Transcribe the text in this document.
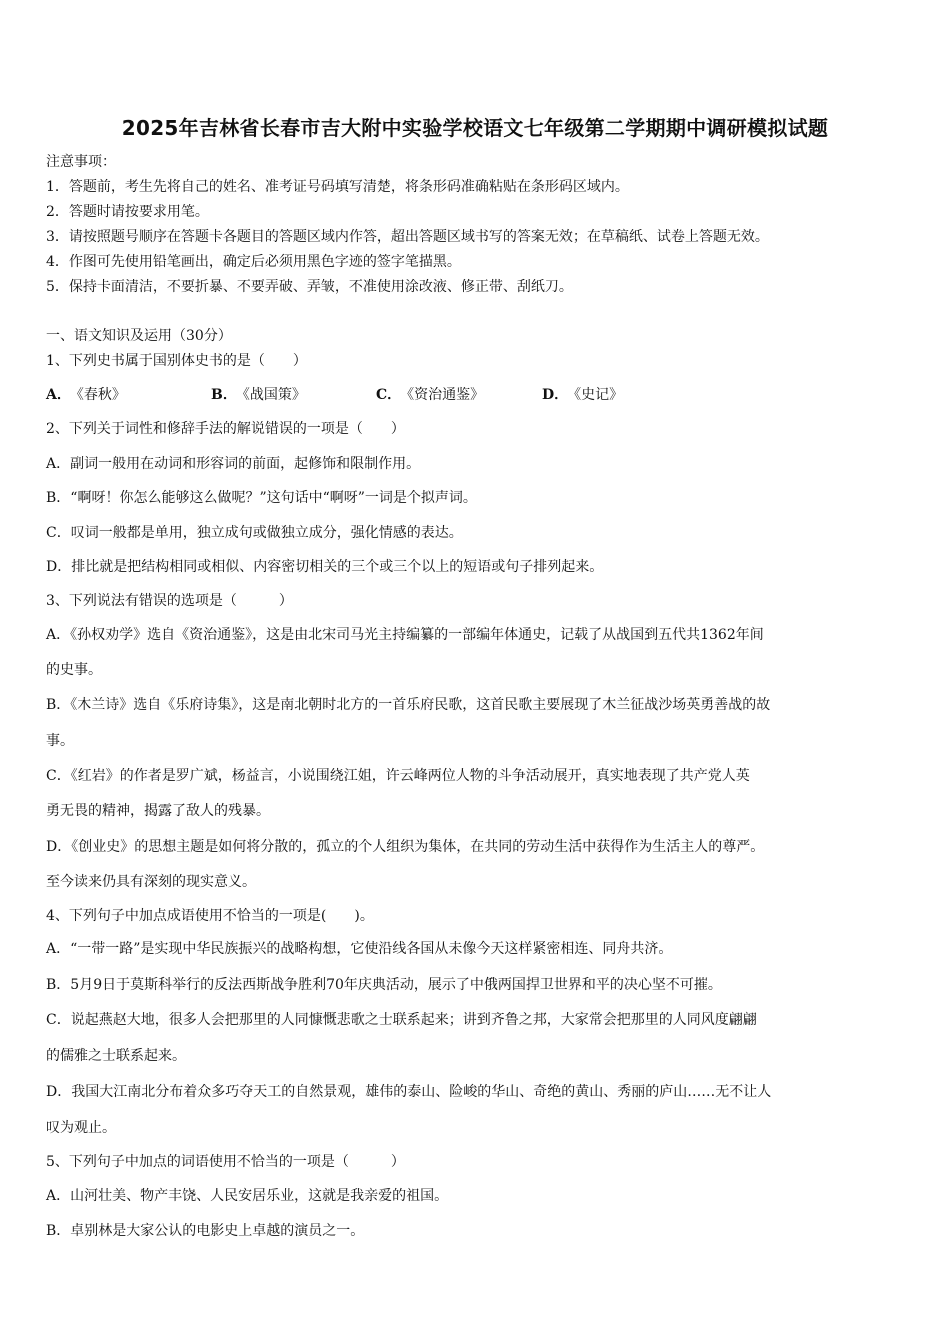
2025年吉林省长春市吉大附中实验学校语文七年级第二学期期中调研模拟试题
注意事项：
1．答题前，考生先将自己的姓名、准考证号码填写清楚，将条形码准确粘贴在条形码区域内。
2．答题时请按要求用笔。
3．请按照题号顺序在答题卡各题目的答题区域内作答，超出答题区域书写的答案无效；在草稿纸、试卷上答题无效。
4．作图可先使用铅笔画出，确定后必须用黑色字迹的签字笔描黑。
5．保持卡面清洁，不要折暴、不要弄破、弄皱，不准使用涂改液、修正带、刮纸刀。
一、语文知识及运用（30分）
1、下列史书属于国别体史书的是（　　）
A． 《春秋》	B． 《战国策》	C． 《资治通鉴》	D． 《史记》
2、下列关于词性和修辞手法的解说错误的一项是（　　）
A．副词一般用在动词和形容词的前面，起修饰和限制作用。
B．“啊呀！你怎么能够这么做呢？”这句话中“啊呀”一词是个拟声词。
C．叹词一般都是单用，独立成句或做独立成分，强化情感的表达。
D．排比就是把结构相同或相似、内容密切相关的三个或三个以上的短语或句子排列起来。
3、下列说法有错误的选项是（　　　）
A．《孙权劝学》选自《资治通鉴》，这是由北宋司马光主持编纂的一部编年体通史，记载了从战国到五代共1362年间
的史事。
B．《木兰诗》选自《乐府诗集》，这是南北朝时北方的一首乐府民歌，这首民歌主要展现了木兰征战沙场英勇善战的故
事。
C．《红岩》的作者是罗广斌，杨益言，小说围绕江姐，许云峰两位人物的斗争活动展开，真实地表现了共产党人英
勇无畏的精神，揭露了敌人的残暴。
D．《创业史》的思想主题是如何将分散的，孤立的个人组织为集体，在共同的劳动生活中获得作为生活主人的尊严。
至今读来仍具有深刻的现实意义。
4、下列句子中加点成语使用不恰当的一项是(　　)。
A．“一带一路”是实现中华民族振兴的战略构想，它使沿线各国从未像今天这样紧密相连、同舟共济。
B．5月9日于莫斯科举行的反法西斯战争胜利70年庆典活动，展示了中俄两国捍卫世界和平的决心坚不可摧。
C．说起燕赵大地，很多人会把那里的人同慷慨悲歌之士联系起来；讲到齐鲁之邦，大家常会把那里的人同风度翩翩
的儒雅之士联系起来。
D．我国大江南北分布着众多巧夺天工的自然景观，雄伟的泰山、险峻的华山、奇绝的黄山、秀丽的庐山……无不让人
叹为观止。
5、下列句子中加点的词语使用不恰当的一项是（　　　）
A．山河壮美、物产丰饶、人民安居乐业，这就是我亲爱的祖国。
B．卓别林是大家公认的电影史上卓越的演员之一。
